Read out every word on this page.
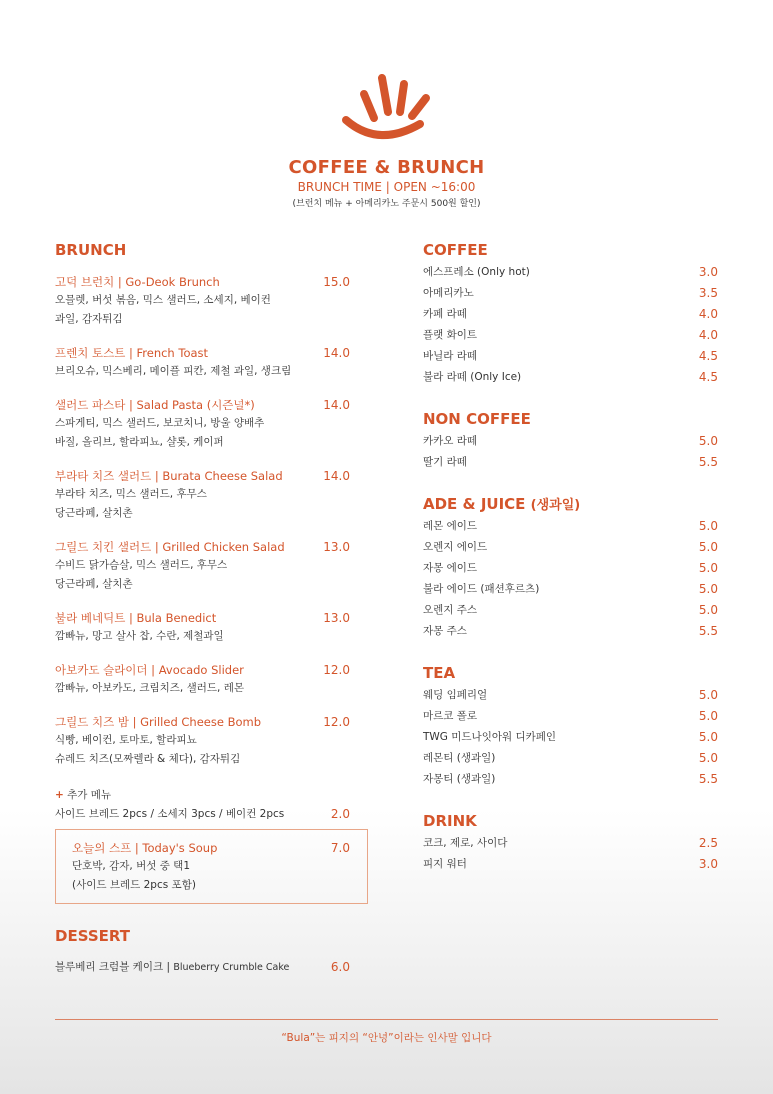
COFFEE & BRUNCH
BRUNCH TIME | OPEN ~16:00
(브런치 메뉴 + 아메리카노 주문시 500원 할인)
BRUNCH
고덕 브런치 | Go-Deok Brunch	15.0
오믈렛, 버섯 볶음, 믹스 샐러드, 소세지, 베이컨
과일, 감자튀김
프렌치 토스트 | French Toast	14.0
브리오슈, 믹스베리, 메이플 피칸, 제철 과일, 생크림
샐러드 파스타 | Salad Pasta (시즌널*)	14.0
스파게티, 믹스 샐러드, 보코치니, 방울 양배추
바질, 올리브, 할라피뇨, 샬롯, 케이퍼
부라타 치즈 샐러드 | Burata Cheese Salad	14.0
부라타 치즈, 믹스 샐러드, 후무스
당근라페, 살치촌
그릴드 치킨 샐러드 | Grilled Chicken Salad	13.0
수비드 닭가슴살, 믹스 샐러드, 후무스
당근라페, 살치촌
불라 베네딕트 | Bula Benedict	13.0
깜빠뉴, 망고 살사 찹, 수란, 제철과일
아보카도 슬라이더 | Avocado Slider	12.0
깜빠뉴, 아보카도, 크림치즈, 샐러드, 레몬
그릴드 치즈 밤 | Grilled Cheese Bomb	12.0
식빵, 베이컨, 토마토, 할라피뇨
슈레드 치즈(모짜렐라 & 체다), 감자튀김
+ 추가 메뉴
사이드 브레드 2pcs / 소세지 3pcs / 베이컨 2pcs	2.0
오늘의 스프 | Today's Soup	7.0
단호박, 감자, 버섯 중 택1
(사이드 브레드 2pcs 포함)
DESSERT
블루베리 크럼블 케이크 | Blueberry Crumble Cake	6.0
COFFEE
에스프레소 (Only hot)	3.0
아메리카노	3.5
카페 라떼	4.0
플랫 화이트	4.0
바닐라 라떼	4.5
불라 라떼 (Only Ice)	4.5
NON COFFEE
카카오 라떼	5.0
딸기 라떼	5.5
ADE & JUICE (생과일)
레몬 에이드	5.0
오렌지 에이드	5.0
자몽 에이드	5.0
불라 에이드 (패션후르츠)	5.0
오렌지 주스	5.0
자몽 주스	5.5
TEA
웨딩 임페리얼	5.0
마르코 폴로	5.0
TWG 미드나잇아워 디카페인	5.0
레몬티 (생과일)	5.0
자몽티 (생과일)	5.5
DRINK
코크, 제로, 사이다	2.5
피지 워터	3.0
“Bula”는 피지의 “안녕”이라는 인사말 입니다
